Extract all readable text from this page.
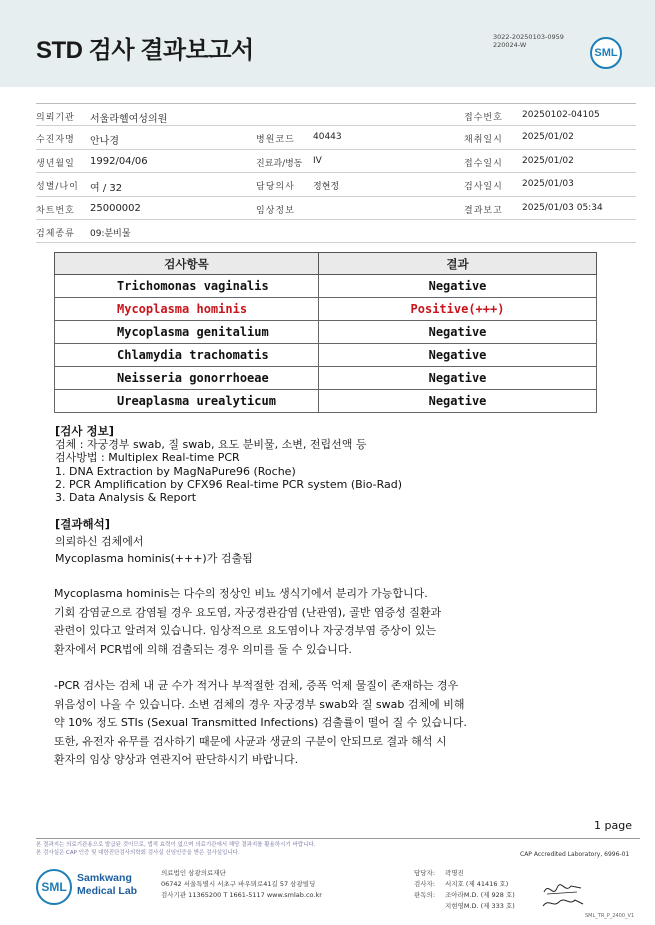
STD 검사 결과보고서	3022-20250103-0959
220024-W
SML
의뢰기관 서울라헬여성의원	접수번호 20250102-04105
수진자명 안나경	병원코드 40443	채취일시 2025/01/02
생년월일 1992/04/06	진료과/병동 IV	접수일시 2025/01/02
성별/나이 여 / 32	담당의사 정현정	검사일시 2025/01/03
차트번호 25000002	임상정보	결과보고 2025/01/03 05:34
검체종류 09:분비물
검사항목	결과
Trichomonas vaginalis	Negative
Mycoplasma hominis	Positive(+++)
Mycoplasma genitalium	Negative
Chlamydia trachomatis	Negative
Neisseria gonorrhoeae	Negative
Ureaplasma urealyticum	Negative
[검사 정보]
검체 : 자궁경부 swab, 질 swab, 요도 분비물, 소변, 전립선액 등
검사방법 : Multiplex Real-time PCR
1. DNA Extraction by MagNaPure96 (Roche)
2. PCR Amplification by CFX96 Real-time PCR system (Bio-Rad)
3. Data Analysis & Report
[결과해석]
의뢰하신 검체에서
Mycoplasma hominis(+++)가 검출됨
Mycoplasma hominis는 다수의 정상인 비뇨 생식기에서 분리가 가능합니다.
기회 감염균으로 감염될 경우 요도염, 자궁경관감염 (난관염), 골반 염증성 질환과
관련이 있다고 알려져 있습니다. 임상적으로 요도염이나 자궁경부염 증상이 있는
환자에서 PCR법에 의해 검출되는 경우 의미를 둘 수 있습니다.
-PCR 검사는 검체 내 균 수가 적거나 부적절한 검체, 증폭 억제 물질이 존재하는 경우
위음성이 나올 수 있습니다. 소변 검체의 경우 자궁경부 swab와 질 swab 검체에 비해
약 10% 정도 STIs (Sexual Transmitted Infections) 검출률이 떨어 질 수 있습니다.
또한, 유전자 유무를 검사하기 때문에 사균과 생균의 구분이 안되므로 결과 해석 시
환자의 임상 양상과 연관지어 판단하시기 바랍니다.
1 page
본 결과지는 의료기관용으로 발급된 것이므로, 법적 효력이 없으며 의료기관에서 해당 결과지를 활용하시기 바랍니다.
본 검사실은 CAP 인증 및 대한진단검사의학회 검사실 신임인증을 받은 검사실입니다.	CAP Accredited Laboratory, 6996-01
SML
Samkwang
Medical Lab
의료법인 삼광의료재단
06742 서울특별시 서초구 바우뫼로41길 57 삼광빌딩
검사기관 11365200 T 1661-5117 www.smlab.co.kr
담당자: 곽명진
검사자: 서지호 (제 41416 호)
판독의: 조아라M.D. (제 928 호)
지현영M.D. (제 333 호)
SML_TR_P_2400_V1
